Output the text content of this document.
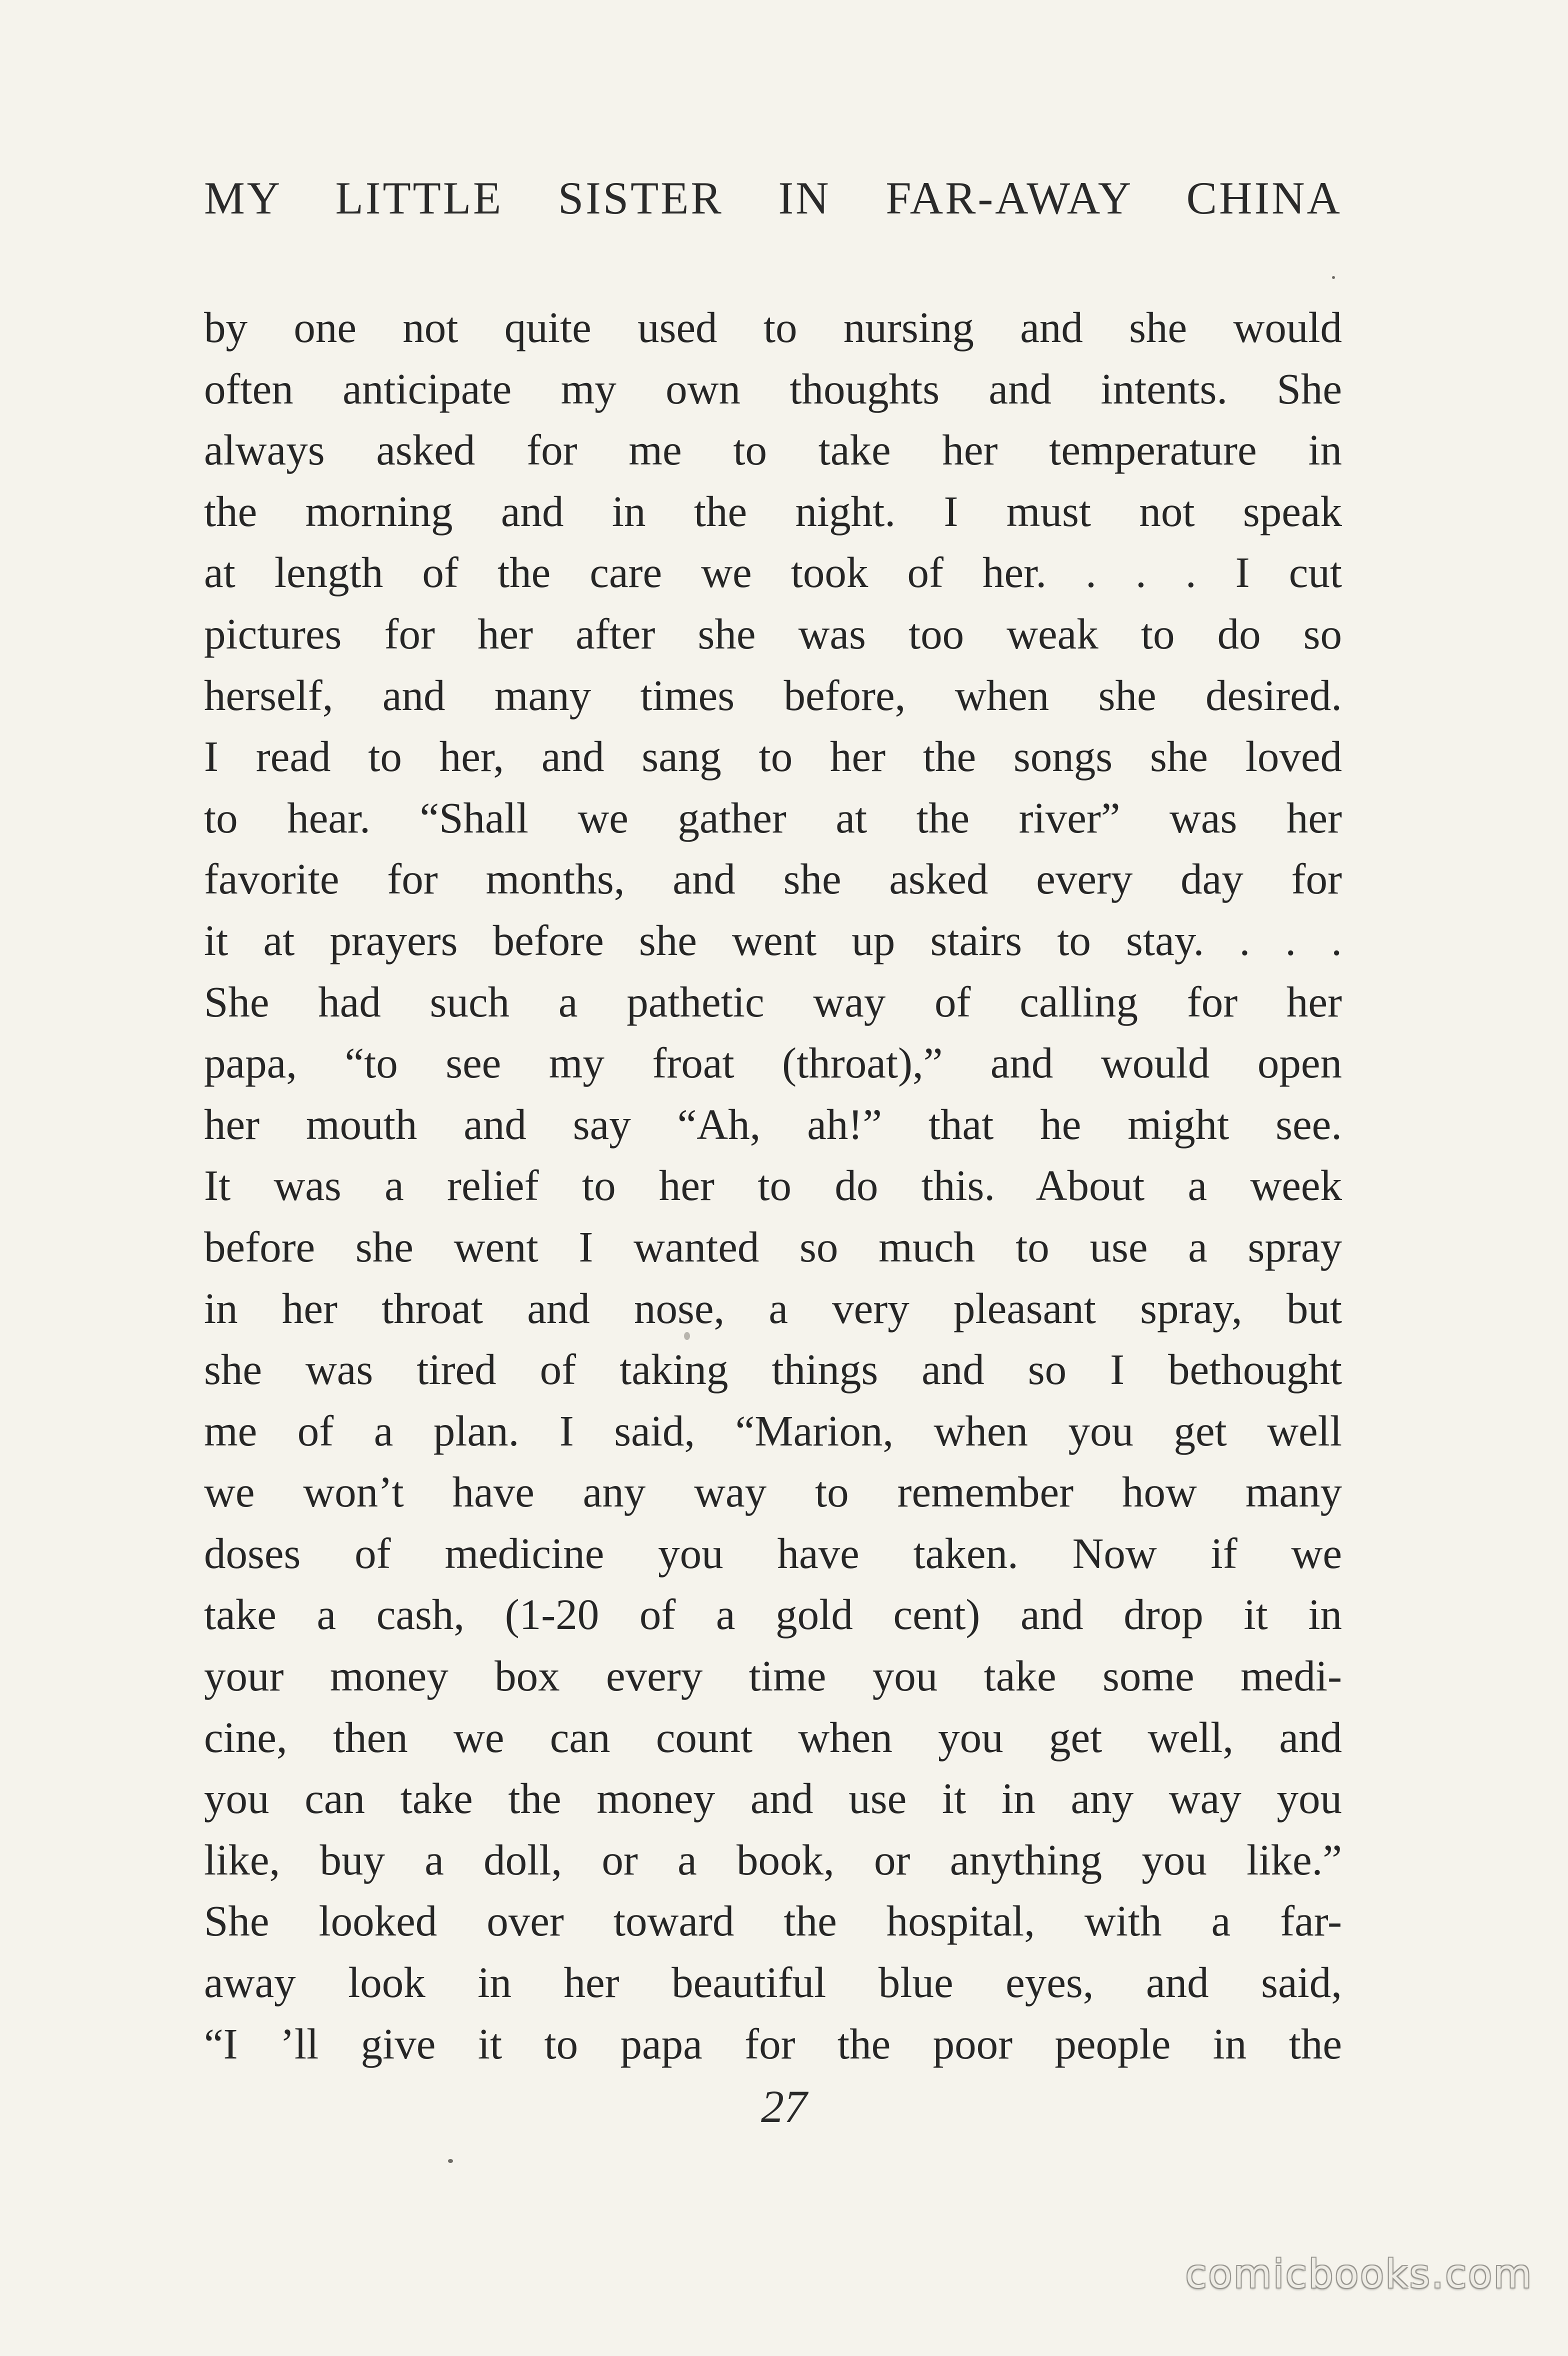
MY LITTLE SISTER IN FAR-AWAY CHINA
by one not quite used to nursing and she would
often anticipate my own thoughts and intents. She
always asked for me to take her temperature in
the morning and in the night. I must not speak
at length of the care we took of her. . . . I cut
pictures for her after she was too weak to do so
herself, and many times before, when she desired.
I read to her, and sang to her the songs she loved
to hear. “Shall we gather at the river” was her
favorite for months, and she asked every day for
it at prayers before she went up stairs to stay. . . .
She had such a pathetic way of calling for her
papa, “to see my froat (throat),” and would open
her mouth and say “Ah, ah!” that he might see.
It was a relief to her to do this. About a week
before she went I wanted so much to use a spray
in her throat and nose, a very pleasant spray, but
she was tired of taking things and so I bethought
me of a plan. I said, “Marion, when you get well
we won’t have any way to remember how many
doses of medicine you have taken. Now if we
take a cash, (1-20 of a gold cent) and drop it in
your money box every time you take some medi-
cine, then we can count when you get well, and
you can take the money and use it in any way you
like, buy a doll, or a book, or anything you like.”
She looked over toward the hospital, with a far-
away look in her beautiful blue eyes, and said,
“I ’ll give it to papa for the poor people in the
27
comicbooks.com
